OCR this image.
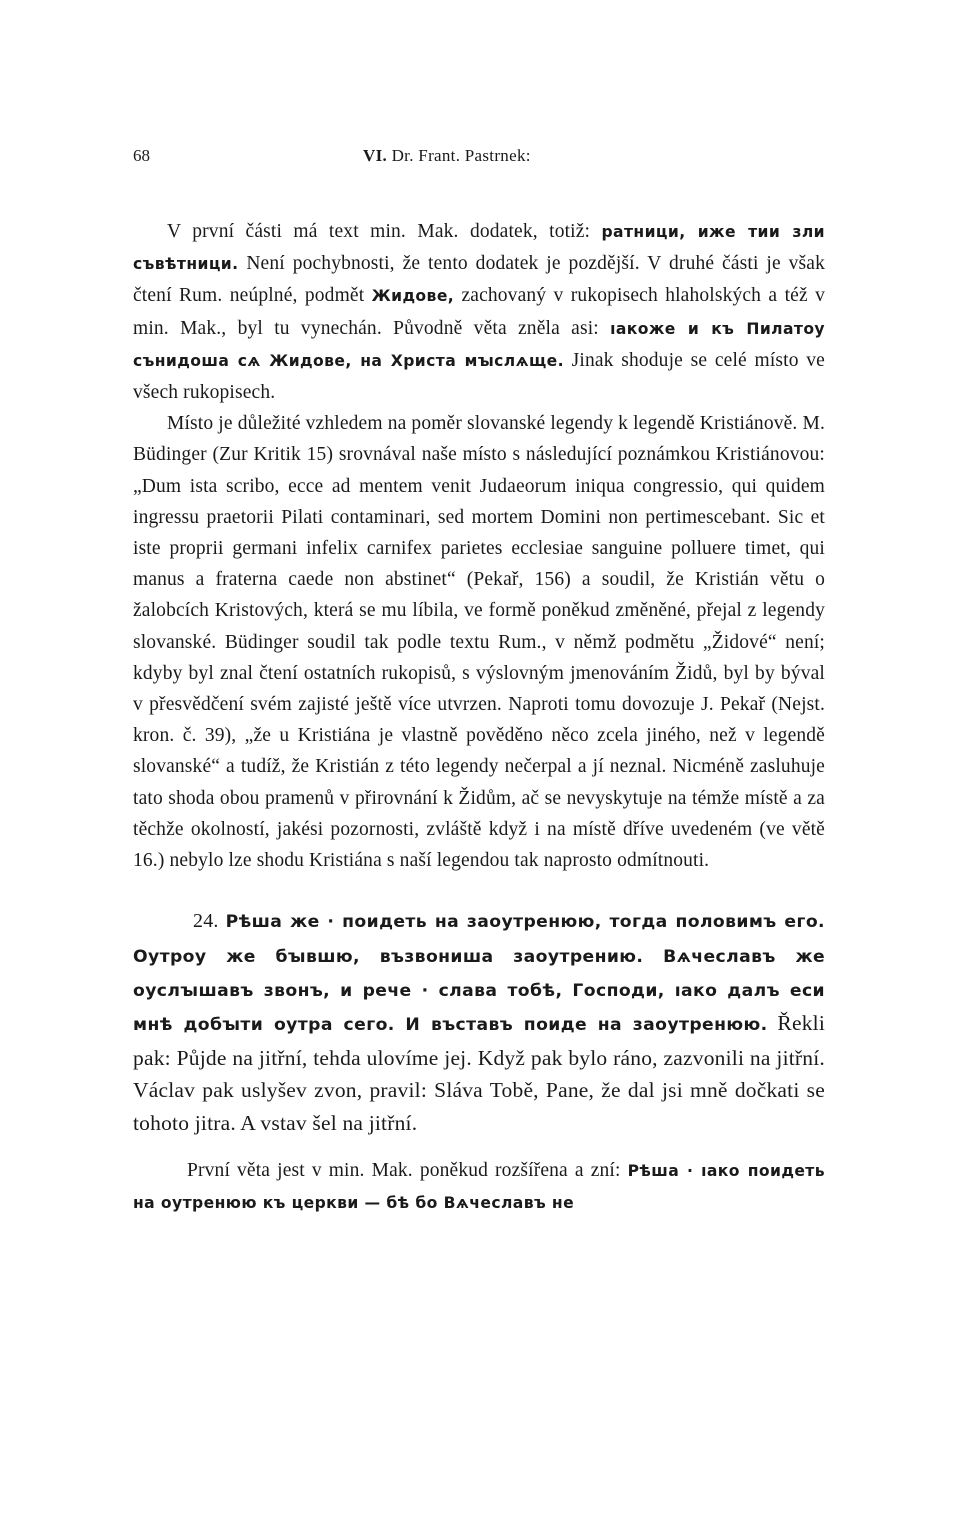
68	VI. Dr. Frant. Pastrnek:

V první části má text min. Mak. dodatek, totiž: ратници, иже тии зли съвѣтници. Není pochybnosti, že tento dodatek je pozdější. V druhé části je však čtení Rum. neúplné, podmět Жидове, zachovaný v rukopisech hlaholských a též v min. Mak., byl tu vynechán. Původně věta zněla asi: ıакоже и къ Пилатоу сънидоша сѧ Жидове, на Христа мꙑслѧще. Jinak shoduje se celé místo ve všech rukopisech.

Místo je důležité vzhledem na poměr slovanské legendy k legendě Kristiánově. M. Büdinger (Zur Kritik 15) srovnával naše místo s následující poznámkou Kristiánovou: „Dum ista scribo, ecce ad mentem venit Judaeorum iniqua congressio, qui quidem ingressu praetorii Pilati contaminari, sed mortem Domini non pertimescebant. Sic et iste proprii germani infelix carnifex parietes ecclesiae sanguine polluere timet, qui manus a fraterna caede non abstinet“ (Pekař, 156) a soudil, že Kristián větu o žalobcích Kristových, která se mu líbila, ve formě poněkud změněné, přejal z legendy slovanské. Büdinger soudil tak podle textu Rum., v němž podmětu „Židové“ není; kdyby byl znal čtení ostatních rukopisů, s výslovným jmenováním Židů, byl by býval v přesvědčení svém zajisté ještě více utvrzen. Naproti tomu dovozuje J. Pekař (Nejst. kron. č. 39), „že u Kristiána je vlastně pověděno něco zcela jiného, než v legendě slovanské“ a tudíž, že Kristián z této legendy nečerpal a jí neznal. Nicméně zasluhuje tato shoda obou pramenů v přirovnání k Židům, ač se nevyskytuje na témže místě a za těchže okolností, jakési pozornosti, zvláště když i na místě dříve uvedeném (ve větě 16.) nebylo lze shodu Kristiána s naší legendou tak naprosto odmítnouti.

24. Рѣша же · поидеть на заоутренюю, тогда половимъ его. Оутроу же бꙑвшю, възвониша заоутрению. Вѧчеславъ же оуслꙑшавъ звонъ, и рече · слава тобѣ, Господи, ıако далъ еси мнѣ добꙑти оутра сего. И въставъ поиде на заоутренюю. Řekli pak: Půjde na jitřní, tehda ulovíme jej. Když pak bylo ráno, zazvonili na jitřní. Václav pak uslyšev zvon, pravil: Sláva Tobě, Pane, že dal jsi mně dočkati se tohoto jitra. A vstav šel na jitřní.

První věta jest v min. Mak. poněkud rozšířena a zní: Рѣша · ıако поидеть на оутренюю къ церкви — бѣ бо Вѧчеславъ не
